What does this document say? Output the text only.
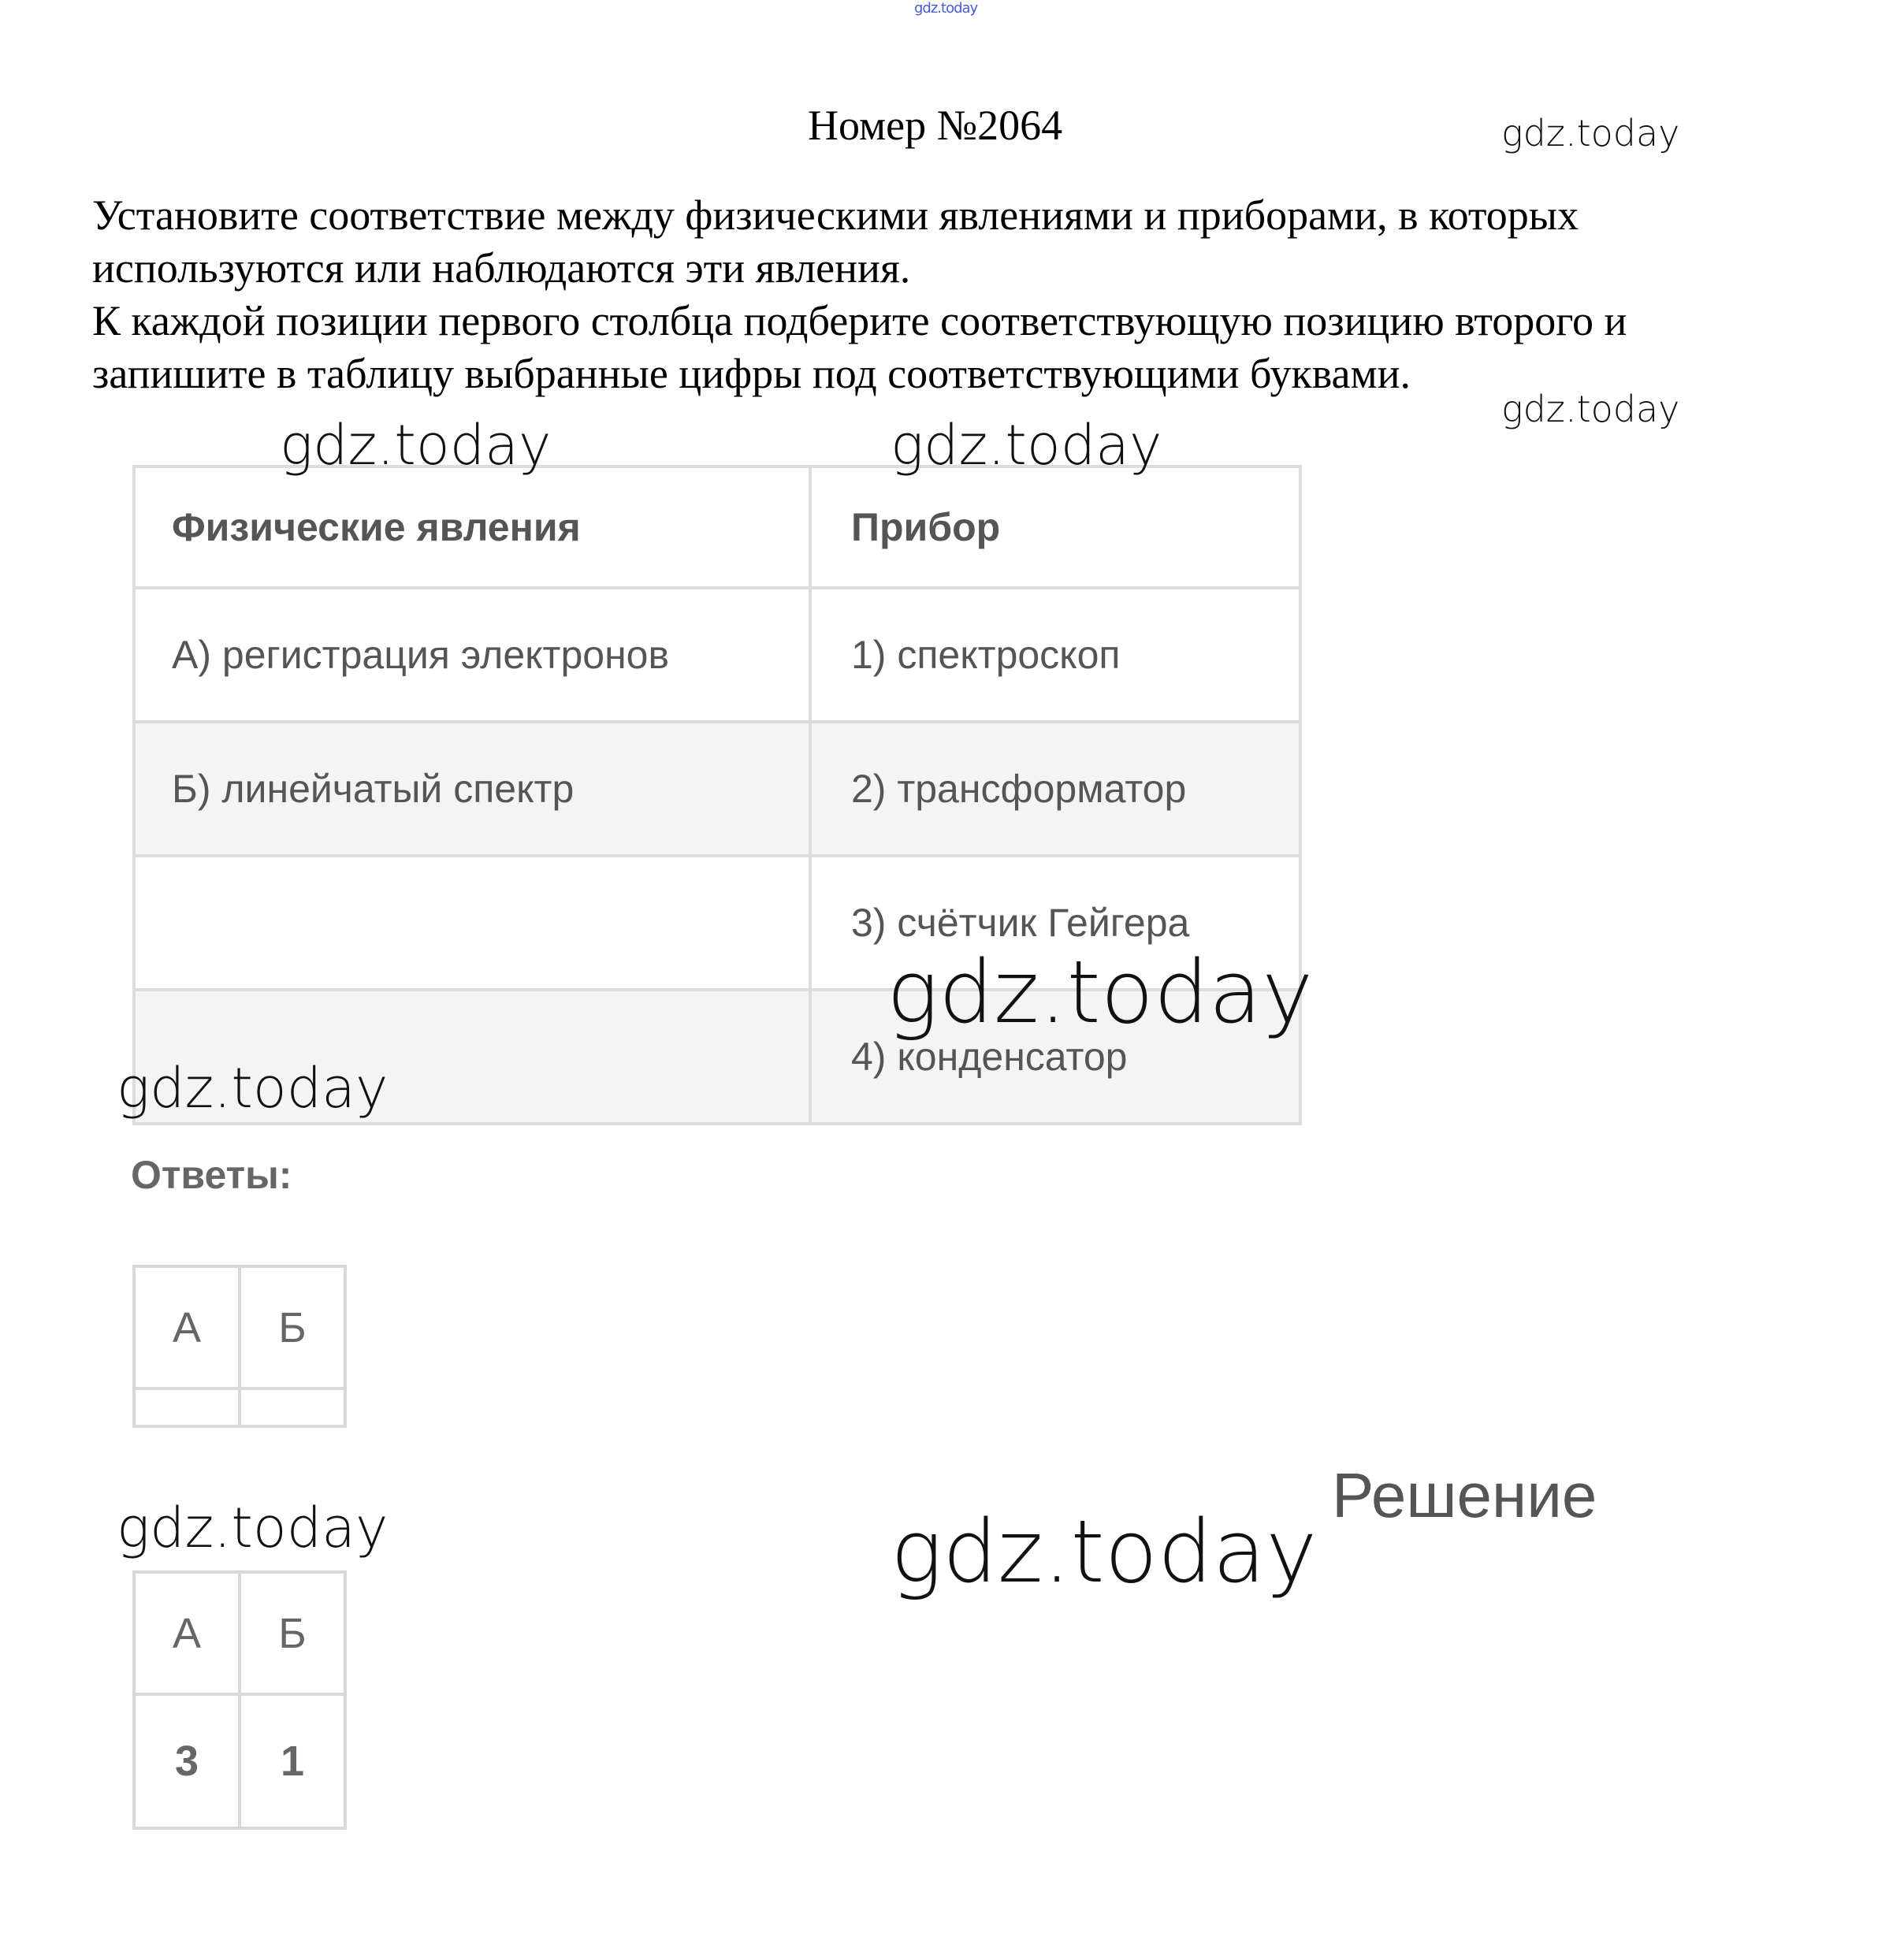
gdz.today
Номер №2064	gdz.today

Установите соответствие между физическими явлениями и приборами, в которых

используются или наблюдаются эти явления.

К каждой позиции первого столбца подберите соответствующую позицию второго и

запишите в таблицу выбранные цифры под соответствующими буквами.

gdz.today
Физические явления	Прибор
А) регистрация электронов	1) спектроскоп
Б) линейчатый спектр	2) трансформатор
	3) счётчик Гейгера
	4) конденсатор
gdz.today	gdz.today
gdz.today
gdz.today
Ответы:
А	Б

gdz.today	Решение
gdz.today
А	Б
3	1
